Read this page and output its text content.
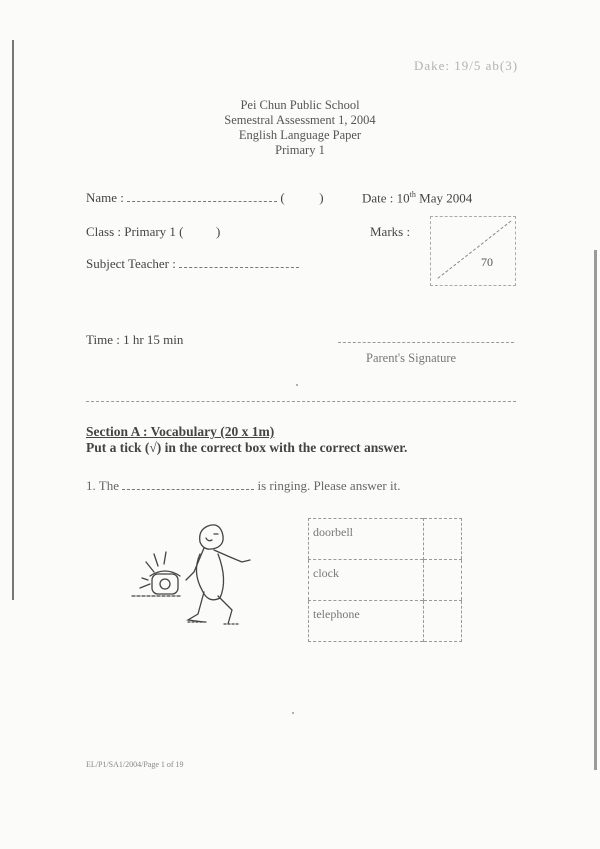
Dake: 19/5 ab(3)
Pei Chun Public School
Semestral Assessment 1, 2004
English Language Paper
Primary 1
Name :	(	)	Date : 10th May 2004
Class : Primary 1 (	)	Marks :
70
Subject Teacher :
Time : 1 hr 15 min
Parent's Signature
Section A : Vocabulary (20 x 1m)
Put a tick (√) in the correct box with the correct answer.
1. The	is ringing. Please answer it.
doorbell	
clock	
telephone	
EL/P1/SA1/2004/Page 1 of 19
